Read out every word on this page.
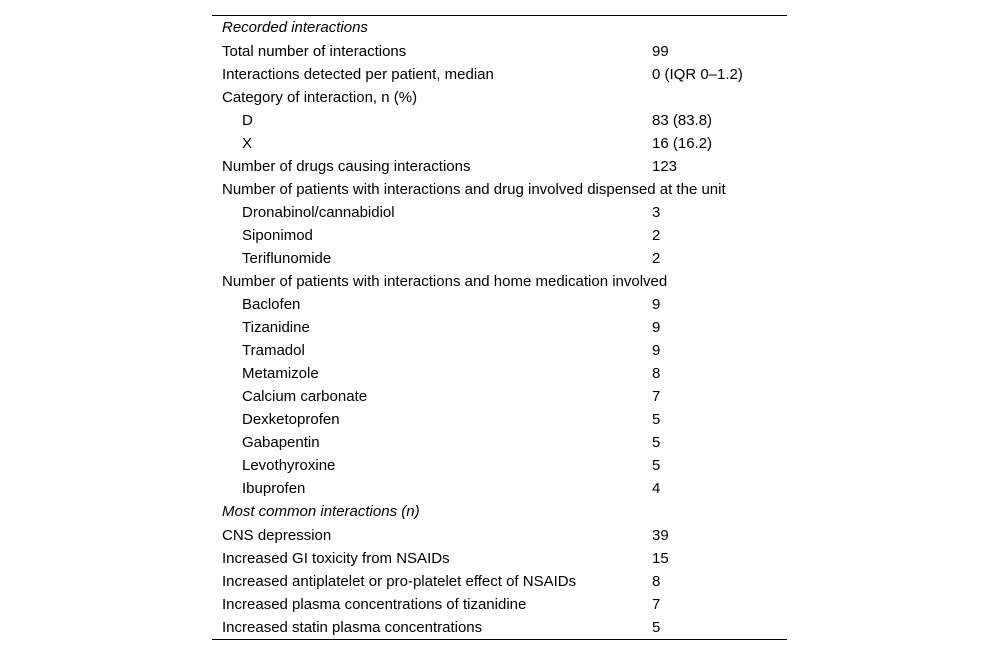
Recorded interactions	
Total number of interactions	99
Interactions detected per patient, median	0 (IQR 0–1.2)
Category of interaction, n (%)	
D	83 (83.8)
X	16 (16.2)
Number of drugs causing interactions	123
Number of patients with interactions and drug involved dispensed at the unit	
Dronabinol/cannabidiol	3
Siponimod	2
Teriflunomide	2
Number of patients with interactions and home medication involved	
Baclofen	9
Tizanidine	9
Tramadol	9
Metamizole	8
Calcium carbonate	7
Dexketoprofen	5
Gabapentin	5
Levothyroxine	5
Ibuprofen	4
Most common interactions (n)	
CNS depression	39
Increased GI toxicity from NSAIDs	15
Increased antiplatelet or pro-platelet effect of NSAIDs	8
Increased plasma concentrations of tizanidine	7
Increased statin plasma concentrations	5
